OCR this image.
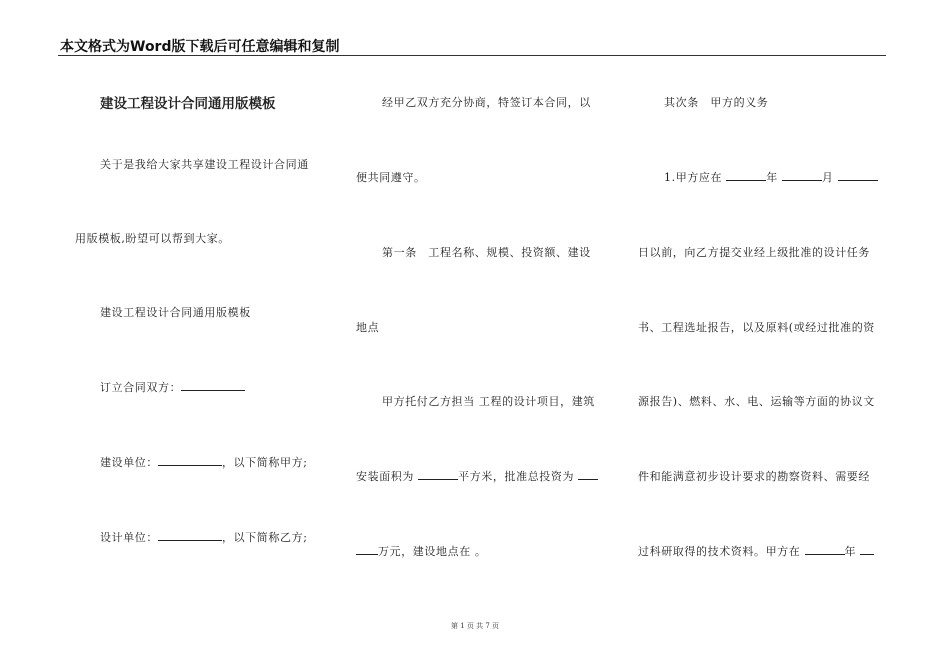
本文格式为Word版下载后可任意编辑和复制
建设工程设计合同通用版模板
关于是我给大家共享建设工程设计合同通
用版模板,盼望可以帮到大家。
建设工程设计合同通用版模板
订立合同双方：
建设单位：	，以下简称甲方;
设计单位：	，以下简称乙方;
经甲乙双方充分协商，特签订本合同，以
便共同遵守。
第一条　工程名称、规模、投资额、建设
地点
甲方托付乙方担当 工程的设计项目，建筑
安装面积为	平方米，批准总投资为
万元，建设地点在 。
其次条　甲方的义务
1.甲方应在	年	月
日以前，向乙方提交业经上级批准的设计任务
书、工程选址报告，以及原料(或经过批准的资
源报告)、燃料、水、电、运输等方面的协议文
件和能满意初步设计要求的勘察资料、需要经
过科研取得的技术资料。甲方在	年
第 1 页 共 7 页
